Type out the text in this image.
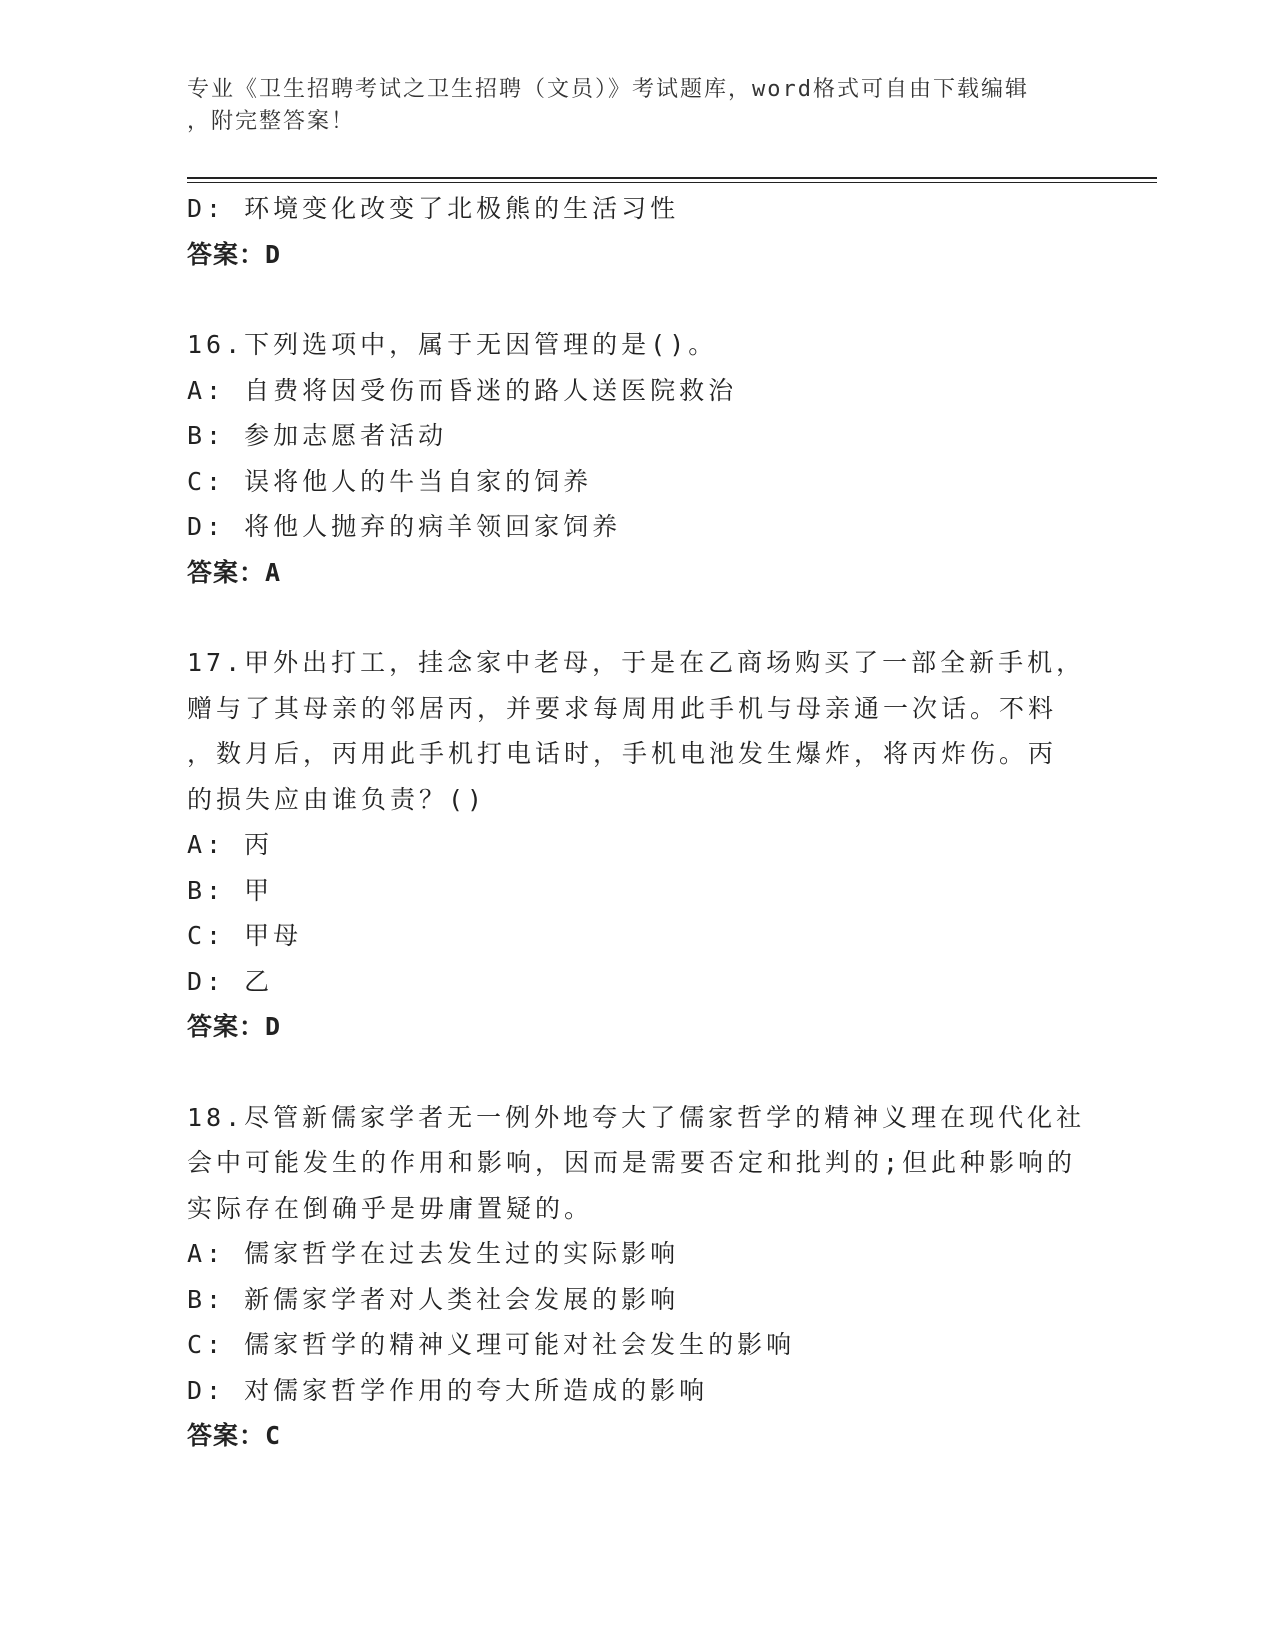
专业《卫生招聘考试之卫生招聘（文员）》考试题库，word格式可自由下载编辑
，附完整答案！
D: 环境变化改变了北极熊的生活习性
答案：D
16.下列选项中，属于无因管理的是()。
A: 自费将因受伤而昏迷的路人送医院救治
B: 参加志愿者活动
C: 误将他人的牛当自家的饲养
D: 将他人抛弃的病羊领回家饲养
答案：A
17.甲外出打工，挂念家中老母，于是在乙商场购买了一部全新手机，
赠与了其母亲的邻居丙，并要求每周用此手机与母亲通一次话。不料
，数月后，丙用此手机打电话时，手机电池发生爆炸，将丙炸伤。丙
的损失应由谁负责？()
A: 丙
B: 甲
C: 甲母
D: 乙
答案：D
18.尽管新儒家学者无一例外地夸大了儒家哲学的精神义理在现代化社
会中可能发生的作用和影响，因而是需要否定和批判的;但此种影响的
实际存在倒确乎是毋庸置疑的。
A: 儒家哲学在过去发生过的实际影响
B: 新儒家学者对人类社会发展的影响
C: 儒家哲学的精神义理可能对社会发生的影响
D: 对儒家哲学作用的夸大所造成的影响
答案：C
